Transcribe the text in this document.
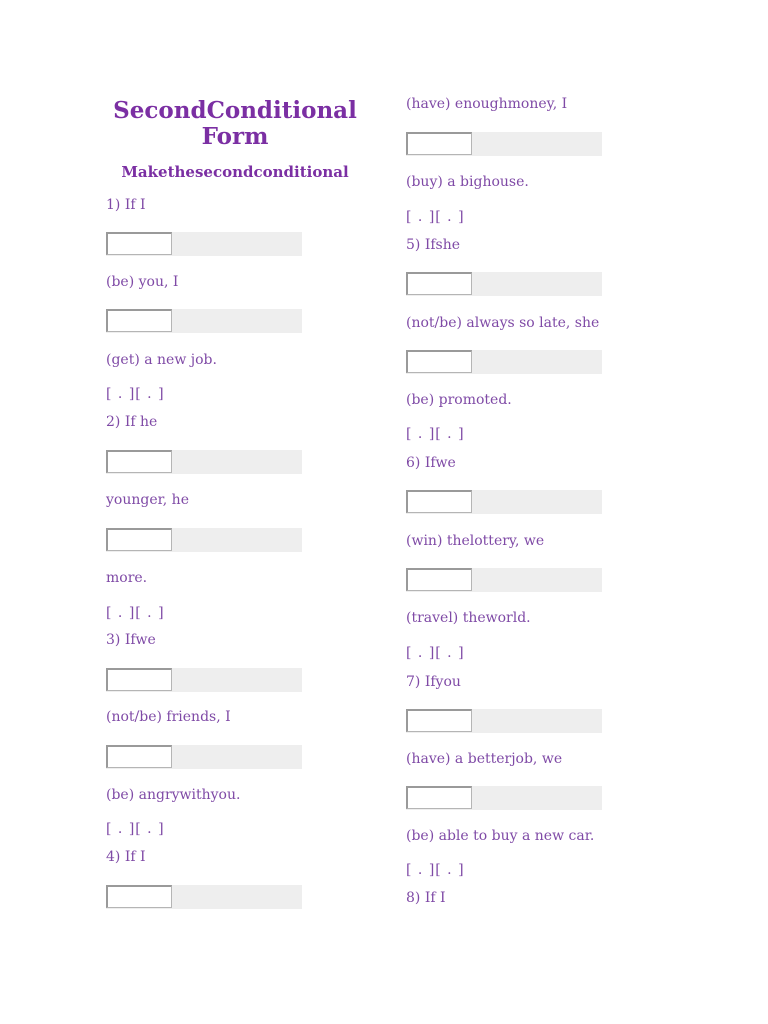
SecondConditional
Form
Makethesecondconditional
1) If I
(be) you, I
(get) a new job.
[ . ][ . ]
2) If he
younger, he
more.
[ . ][ . ]
3) Ifwe
(not/be) friends, I
(be) angrywithyou.
[ . ][ . ]
4) If I
(have) enoughmoney, I
(buy) a bighouse.
[ . ][ . ]
5) Ifshe
(not/be) always so late, she
(be) promoted.
[ . ][ . ]
6) Ifwe
(win) thelottery, we
(travel) theworld.
[ . ][ . ]
7) Ifyou
(have) a betterjob, we
(be) able to buy a new car.
[ . ][ . ]
8) If I
